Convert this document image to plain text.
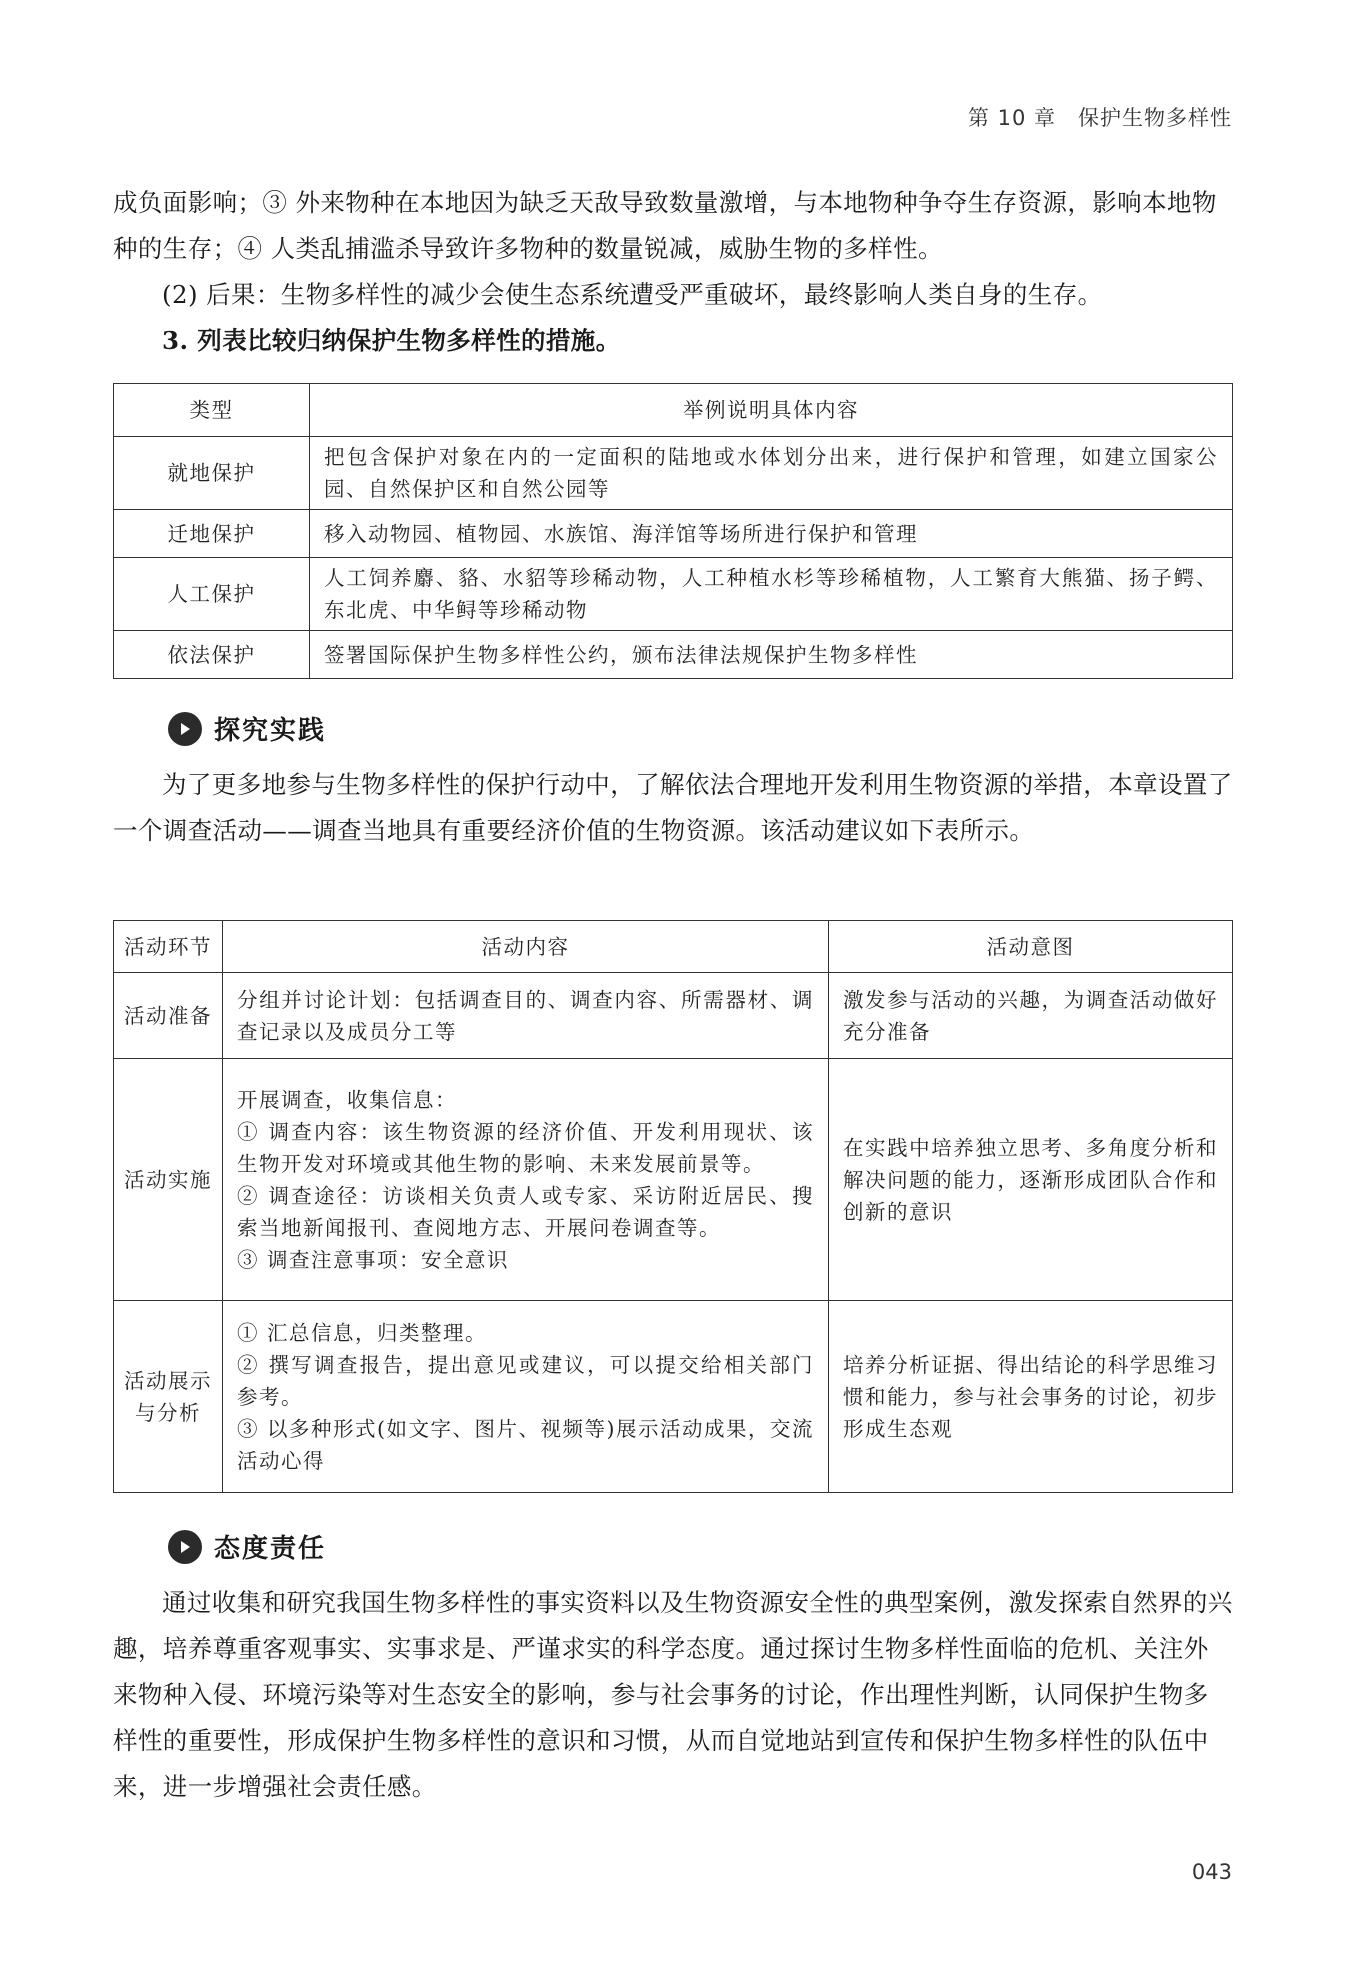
第 10 章　保护生物多样性

成负面影响；③ 外来物种在本地因为缺乏天敌导致数量激增，与本地物种争夺生存资源，影响本地物种的生存；④ 人类乱捕滥杀导致许多物种的数量锐减，威胁生物的多样性。

(2) 后果：生物多样性的减少会使生态系统遭受严重破坏，最终影响人类自身的生存。

3. 列表比较归纳保护生物多样性的措施。

类型	举例说明具体内容
就地保护	把包含保护对象在内的一定面积的陆地或水体划分出来，进行保护和管理，如建立国家公园、自然保护区和自然公园等
迁地保护	移入动物园、植物园、水族馆、海洋馆等场所进行保护和管理
人工保护	人工饲养麝、貉、水貂等珍稀动物，人工种植水杉等珍稀植物，人工繁育大熊猫、扬子鳄、东北虎、中华鲟等珍稀动物
依法保护	签署国际保护生物多样性公约，颁布法律法规保护生物多样性
探究实践

为了更多地参与生物多样性的保护行动中，了解依法合理地开发利用生物资源的举措，本章设置了一个调查活动——调查当地具有重要经济价值的生物资源。该活动建议如下表所示。

活动环节	活动内容	活动意图
活动准备	分组并讨论计划：包括调查目的、调查内容、所需器材、调查记录以及成员分工等	激发参与活动的兴趣，为调查活动做好充分准备
活动实施	开展调查，收集信息：
① 调查内容：该生物资源的经济价值、开发利用现状、该生物开发对环境或其他生物的影响、未来发展前景等。
② 调查途径：访谈相关负责人或专家、采访附近居民、搜索当地新闻报刊、查阅地方志、开展问卷调查等。
③ 调查注意事项：安全意识	在实践中培养独立思考、多角度分析和解决问题的能力，逐渐形成团队合作和创新的意识
活动展示与分析	① 汇总信息，归类整理。
② 撰写调查报告，提出意见或建议，可以提交给相关部门参考。
③ 以多种形式(如文字、图片、视频等)展示活动成果，交流活动心得	培养分析证据、得出结论的科学思维习惯和能力，参与社会事务的讨论，初步形成生态观
态度责任

通过收集和研究我国生物多样性的事实资料以及生物资源安全性的典型案例，激发探索自然界的兴趣，培养尊重客观事实、实事求是、严谨求实的科学态度。通过探讨生物多样性面临的危机、关注外来物种入侵、环境污染等对生态安全的影响，参与社会事务的讨论，作出理性判断，认同保护生物多样性的重要性，形成保护生物多样性的意识和习惯，从而自觉地站到宣传和保护生物多样性的队伍中来，进一步增强社会责任感。

043
